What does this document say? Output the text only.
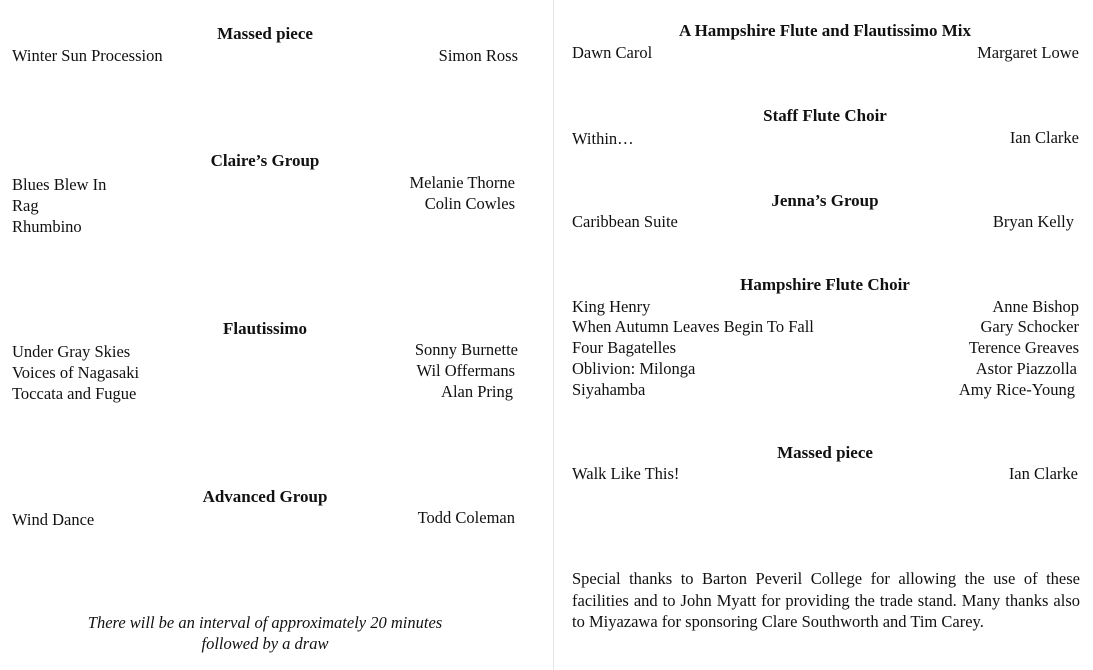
Massed piece
Winter Sun Procession	Simon Ross
Claire’s Group
Blues Blew In	Melanie Thorne
Rag	Colin Cowles
Rhumbino
Flautissimo
Under Gray Skies	Sonny Burnette
Voices of Nagasaki	Wil Offermans
Toccata and Fugue	Alan Pring
Advanced Group
Wind Dance	Todd Coleman
There will be an interval of approximately 20 minutes
followed by a draw
A Hampshire Flute and Flautissimo Mix
Dawn Carol	Margaret Lowe
Staff Flute Choir
Within…	Ian Clarke
Jenna’s Group
Caribbean Suite	Bryan Kelly
Hampshire Flute Choir
King Henry	Anne Bishop
When Autumn Leaves Begin To Fall	Gary Schocker
Four Bagatelles	Terence Greaves
Oblivion: Milonga	Astor Piazzolla
Siyahamba	Amy Rice-Young
Massed piece
Walk Like This!	Ian Clarke
Special thanks to Barton Peveril College for allowing the use of these facilities and to John Myatt for providing the trade stand. Many thanks also to Miyazawa for sponsoring Clare Southworth and Tim Carey.
